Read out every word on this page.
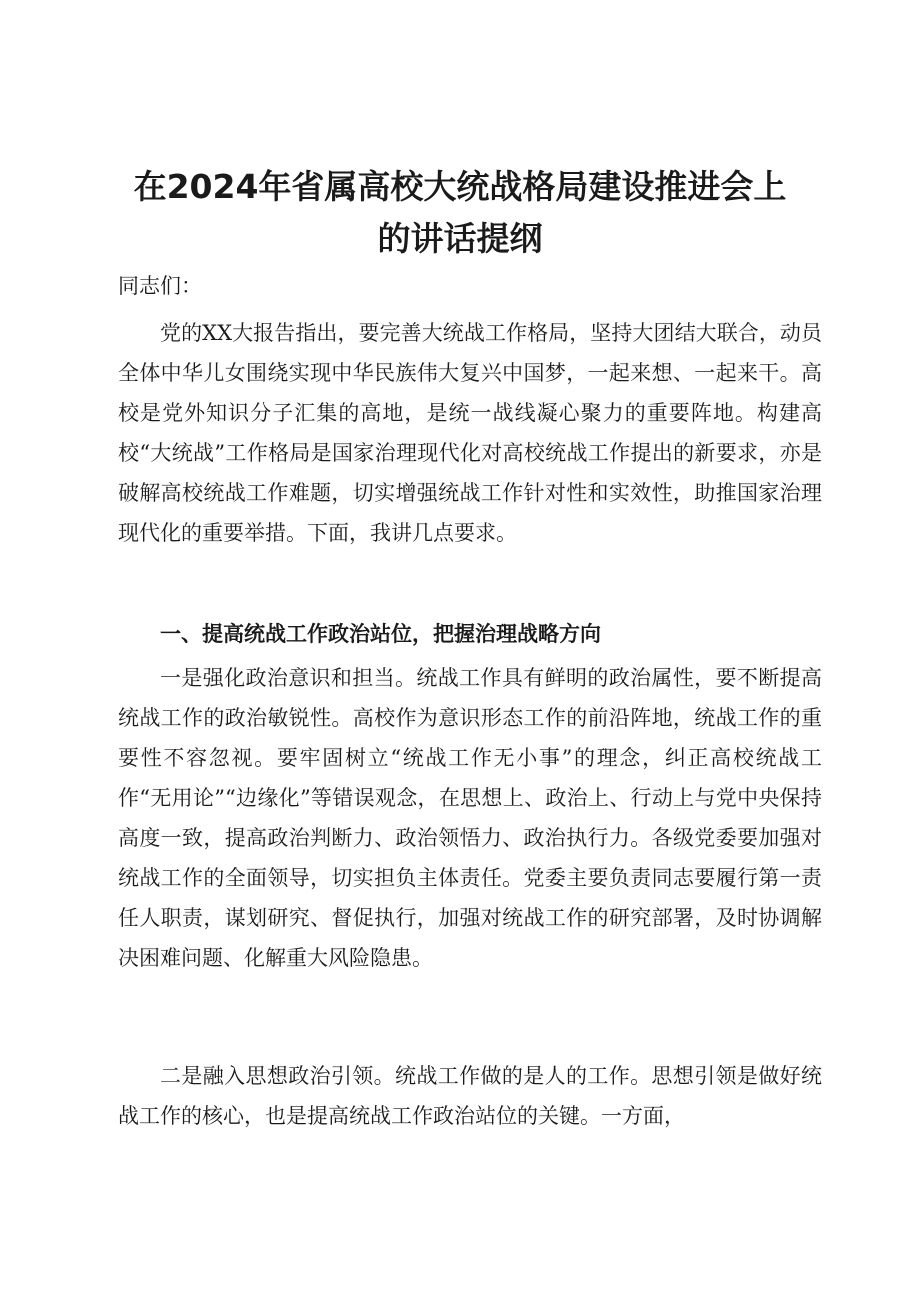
在2024年省属高校大统战格局建设推进会上
的讲话提纲

同志们：

党的XX大报告指出，要完善大统战工作格局，坚持大团结大联合，动员全体中华儿女围绕实现中华民族伟大复兴中国梦，一起来想、一起来干。高校是党外知识分子汇集的高地，是统一战线凝心聚力的重要阵地。构建高校“大统战”工作格局是国家治理现代化对高校统战工作提出的新要求，亦是破解高校统战工作难题，切实增强统战工作针对性和实效性，助推国家治理现代化的重要举措。下面，我讲几点要求。

一、提高统战工作政治站位，把握治理战略方向

一是强化政治意识和担当。统战工作具有鲜明的政治属性，要不断提高统战工作的政治敏锐性。高校作为意识形态工作的前沿阵地，统战工作的重要性不容忽视。要牢固树立“统战工作无小事”的理念，纠正高校统战工作“无用论”“边缘化”等错误观念，在思想上、政治上、行动上与党中央保持高度一致，提高政治判断力、政治领悟力、政治执行力。各级党委要加强对统战工作的全面领导，切实担负主体责任。党委主要负责同志要履行第一责任人职责，谋划研究、督促执行，加强对统战工作的研究部署，及时协调解决困难问题、化解重大风险隐患。

二是融入思想政治引领。统战工作做的是人的工作。思想引领是做好统战工作的核心，也是提高统战工作政治站位的关键。一方面，
